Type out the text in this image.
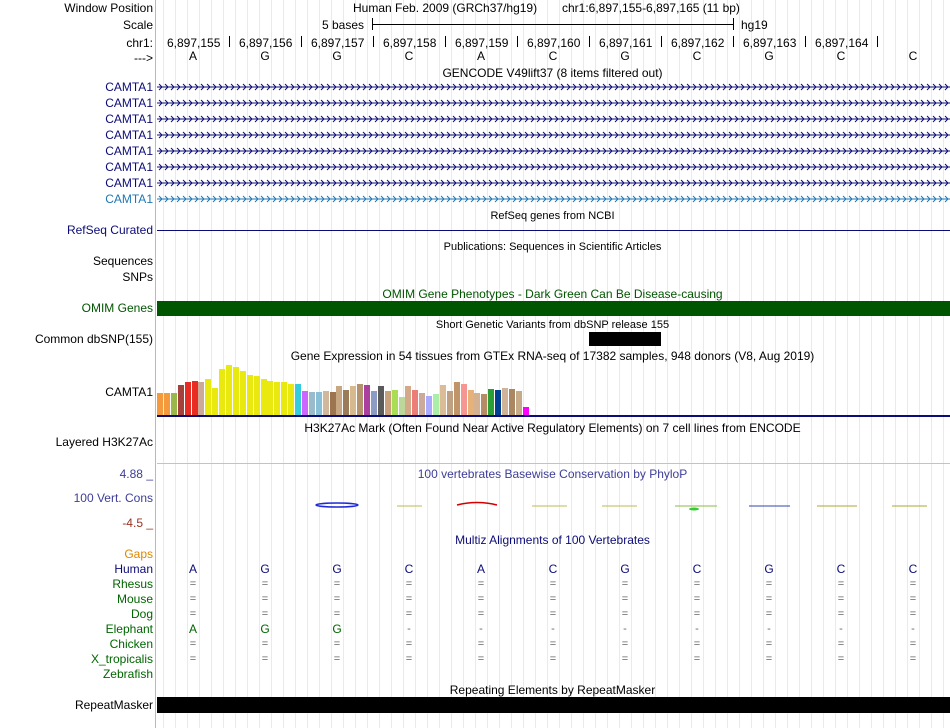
Window Position	Human Feb. 2009 (GRCh37/hg19) chr1:6,897,155-6,897,165 (11 bp)
Scale	5 bases	hg19
chr1: 6,897,155 6,897,156 6,897,157 6,897,158 6,897,159 6,897,160 6,897,161 6,897,162 6,897,163 6,897,164
--->	A	G	G	C	A	C	G	C	G	C	C
GENCODE V49lift37 (8 items filtered out)
CAMTA1
CAMTA1
CAMTA1
CAMTA1
CAMTA1
CAMTA1
CAMTA1
CAMTA1
RefSeq genes from NCBI
RefSeq Curated
Publications: Sequences in Scientific Articles
Sequences
SNPs
OMIM Gene Phenotypes - Dark Green Can Be Disease-causing
OMIM Genes
Short Genetic Variants from dbSNP release 155
Common dbSNP(155)
Gene Expression in 54 tissues from GTEx RNA-seq of 17382 samples, 948 donors (V8, Aug 2019)
CAMTA1
H3K27Ac Mark (Often Found Near Active Regulatory Elements) on 7 cell lines from ENCODE
Layered H3K27Ac
4.88 _	100 vertebrates Basewise Conservation by PhyloP
100 Vert. Cons
-4.5 _
Multiz Alignments of 100 Vertebrates
Gaps
Human	A	G	G	C	A	C	G	C	G	C	C
Rhesus	=	=	=	=	=	=	=	=	=	=	=
Mouse	=	=	=	=	=	=	=	=	=	=	=
Dog	=	=	=	=	=	=	=	=	=	=	=
Elephant	A	G	G	-	-	-	-	-	-	-	-
Chicken	=	=	=	=	=	=	=	=	=	=	=
X_tropicalis	=	=	=	=	=	=	=	=	=	=	=
Zebrafish
Repeating Elements by RepeatMasker
RepeatMasker
